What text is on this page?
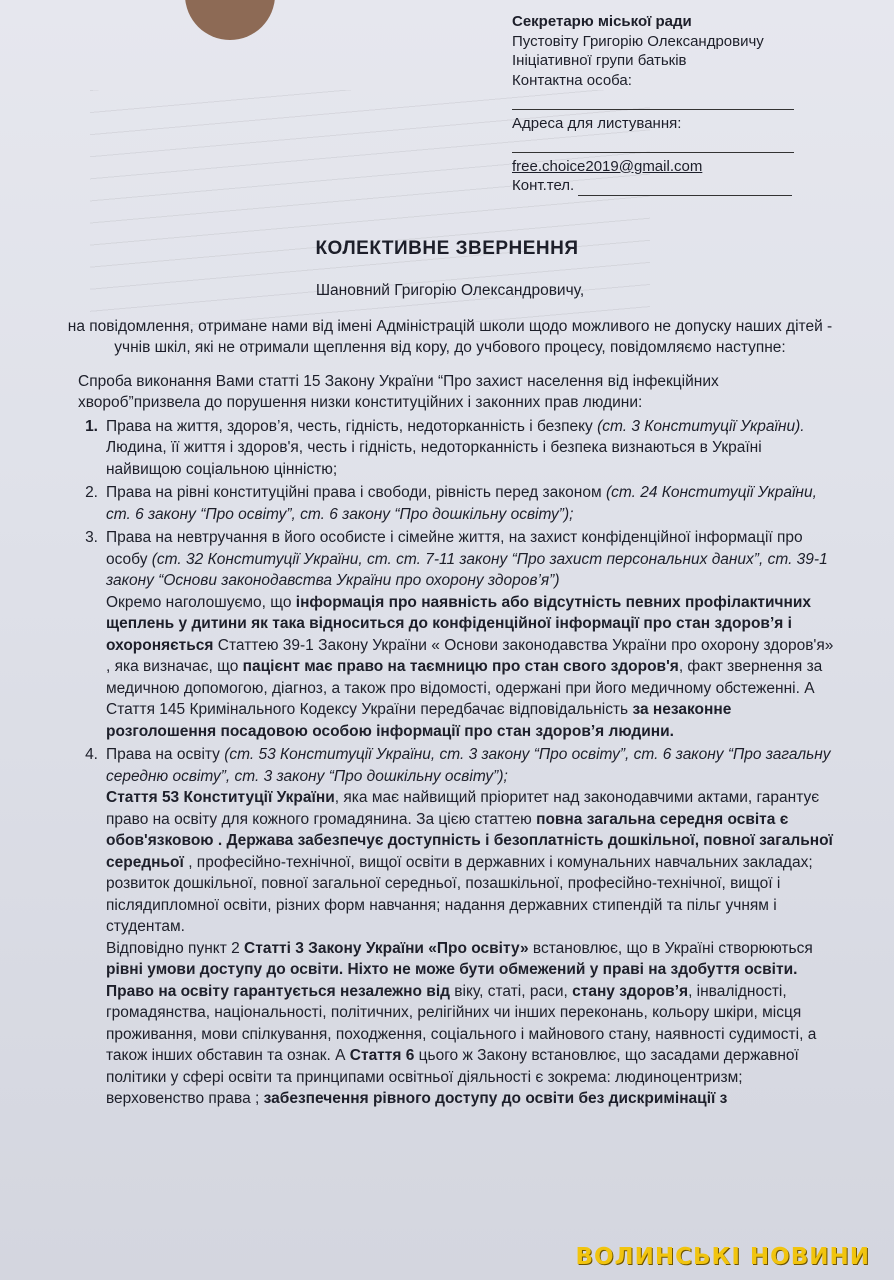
Секретарю міської ради
Пустовіту Григорію Олександровичу
Ініціативної групи батьків
Контактна особа:
Адреса для листування:
free.choice2019@gmail.com
Конт.тел.
КОЛЕКТИВНЕ ЗВЕРНЕННЯ

Шановний Григорію Олександровичу,

на повідомлення, отримане нами від імені Адміністрацій школи щодо можливого не допуску наших дітей - учнів шкіл, які не отримали щеплення від кору, до учбового процесу, повідомляємо наступне:

Спроба виконання Вами статті 15 Закону України “Про захист населення від інфекційних хвороб”призвела до порушення низки конституційних і законних прав людини:

1. Права на життя, здоров’я, честь, гідність, недоторканність і безпеку (ст. 3 Конституції України).

Людина, її життя і здоров'я, честь і гідність, недоторканність і безпека визнаються в Україні найвищою соціальною цінністю;

2. Права на рівні конституційні права і свободи, рівність перед законом (ст. 24 Конституції України, ст. 6 закону “Про освіту”, ст. 6 закону “Про дошкільну освіту”);
3. Права на невтручання в його особисте і сімейне життя, на захист конфіденційної інформації про особу (ст. 32 Конституції України, ст. ст. 7-11 закону “Про захист персональних даних”, ст. 39-1 закону “Основи законодавства України про охорону здоров’я”)

Окремо наголошуємо, що інформація про наявність або відсутність певних профілактичних щеплень у дитини як така відноситься до конфіденційної інформації про стан здоров’я і охороняється Статтею 39-1 Закону України « Основи законодавства України про охорону здоров'я» , яка визначає, що пацієнт має право на таємницю про стан свого здоров'я, факт звернення за медичною допомогою, діагноз, а також про відомості, одержані при його медичному обстеженні. А Стаття 145 Кримінального Кодексу України передбачає відповідальність за незаконне розголошення посадовою особою інформації про стан здоров’я людини.

4. Права на освіту (ст. 53 Конституції України, ст. 3 закону “Про освіту”, ст. 6 закону “Про загальну середню освіту”, ст. 3 закону “Про дошкільну освіту”);

Стаття 53 Конституції України, яка має найвищий пріоритет над законодавчими актами, гарантує право на освіту для кожного громадянина. За цією статтею повна загальна середня освіта є обов'язковою . Держава забезпечує доступність і безоплатність дошкільної, повної загальної середньої , професійно-технічної, вищої освіти в державних і комунальних навчальних закладах; розвиток дошкільної, повної загальної середньої, позашкільної, професійно-технічної, вищої і післядипломної освіти, різних форм навчання; надання державних стипендій та пільг учням і студентам.

Відповідно пункт 2 Статті 3 Закону України «Про освіту» встановлює, що в Україні створюються рівні умови доступу до освіти. Ніхто не може бути обмежений у праві на здобуття освіти. Право на освіту гарантується незалежно від віку, статі, раси, стану здоров’я, інвалідності, громадянства, національності, політичних, релігійних чи інших переконань, кольору шкіри, місця проживання, мови спілкування, походження, соціального і майнового стану, наявності судимості, а також інших обставин та ознак. А Стаття 6 цього ж Закону встановлює, що засадами державної політики у сфері освіти та принципами освітньої діяльності є зокрема: людиноцентризм; верховенство права ; забезпечення рівного доступу до освіти без дискримінації з

ВОЛИНСЬКІ НОВИНИ
